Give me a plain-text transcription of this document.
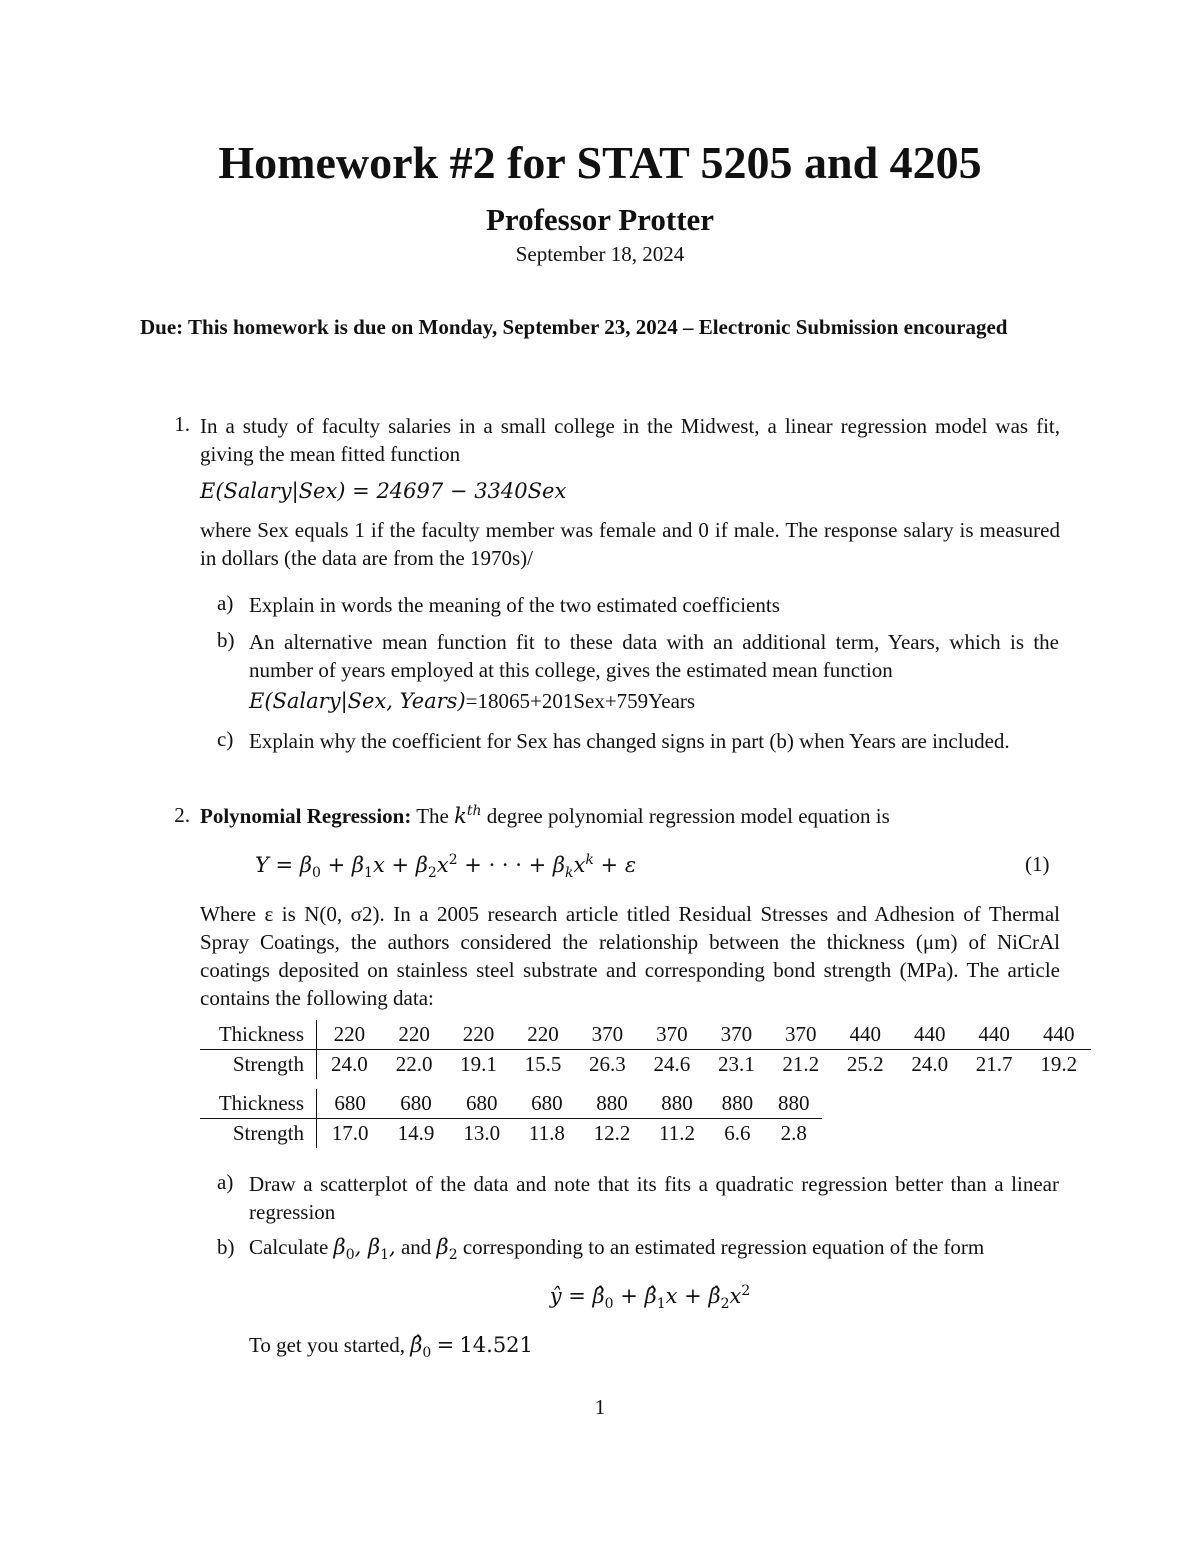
Homework #2 for STAT 5205 and 4205
Professor Protter
September 18, 2024
Due: This homework is due on Monday, September 23, 2024 – Electronic Submission encouraged
1. In a study of faculty salaries in a small college in the Midwest, a linear regression model was fit, giving the mean fitted function
E(Salary|Sex) = 24697 − 3340Sex
where Sex equals 1 if the faculty member was female and 0 if male. The response salary is measured in dollars (the data are from the 1970s)/
a) Explain in words the meaning of the two estimated coefficients
b) An alternative mean function fit to these data with an additional term, Years, which is the number of years employed at this college, gives the estimated mean function
E(Salary|Sex, Years)=18065+201Sex+759Years
c) Explain why the coefficient for Sex has changed signs in part (b) when Years are included.
2. Polynomial Regression: The $k^{th}$ degree polynomial regression model equation is
$Y = \beta_0 + \beta_1x + \beta_2x^2$ + · · · + $\beta_kx^k + \varepsilon$	(1)
Where ε is N(0, σ2). In a 2005 research article titled Residual Stresses and Adhesion of Thermal Spray Coatings, the authors considered the relationship between the thickness (μm) of NiCrAl coatings deposited on stainless steel substrate and corresponding bond strength (MPa). The article contains the following data:
Thickness	220	220	220	220	370	370	370	370	440	440	440	440
Strength	24.0	22.0	19.1	15.5	26.3	24.6	23.1	21.2	25.2	24.0	21.7	19.2
Thickness	680	680	680	680	880	880	880	880
Strength	17.0	14.9	13.0	11.8	12.2	11.2	6.6	2.8
a) Draw a scatterplot of the data and note that its fits a quadratic regression better than a linear regression
b) Calculate $\beta_0$, $\beta_1$, and $\beta_2$ corresponding to an estimated regression equation of the form
ŷ = $\betâ_0$ + $\betâ_1x$ + $\betâ_2x^2$
To get you started, $\betâ_0 = 14.521$
1
